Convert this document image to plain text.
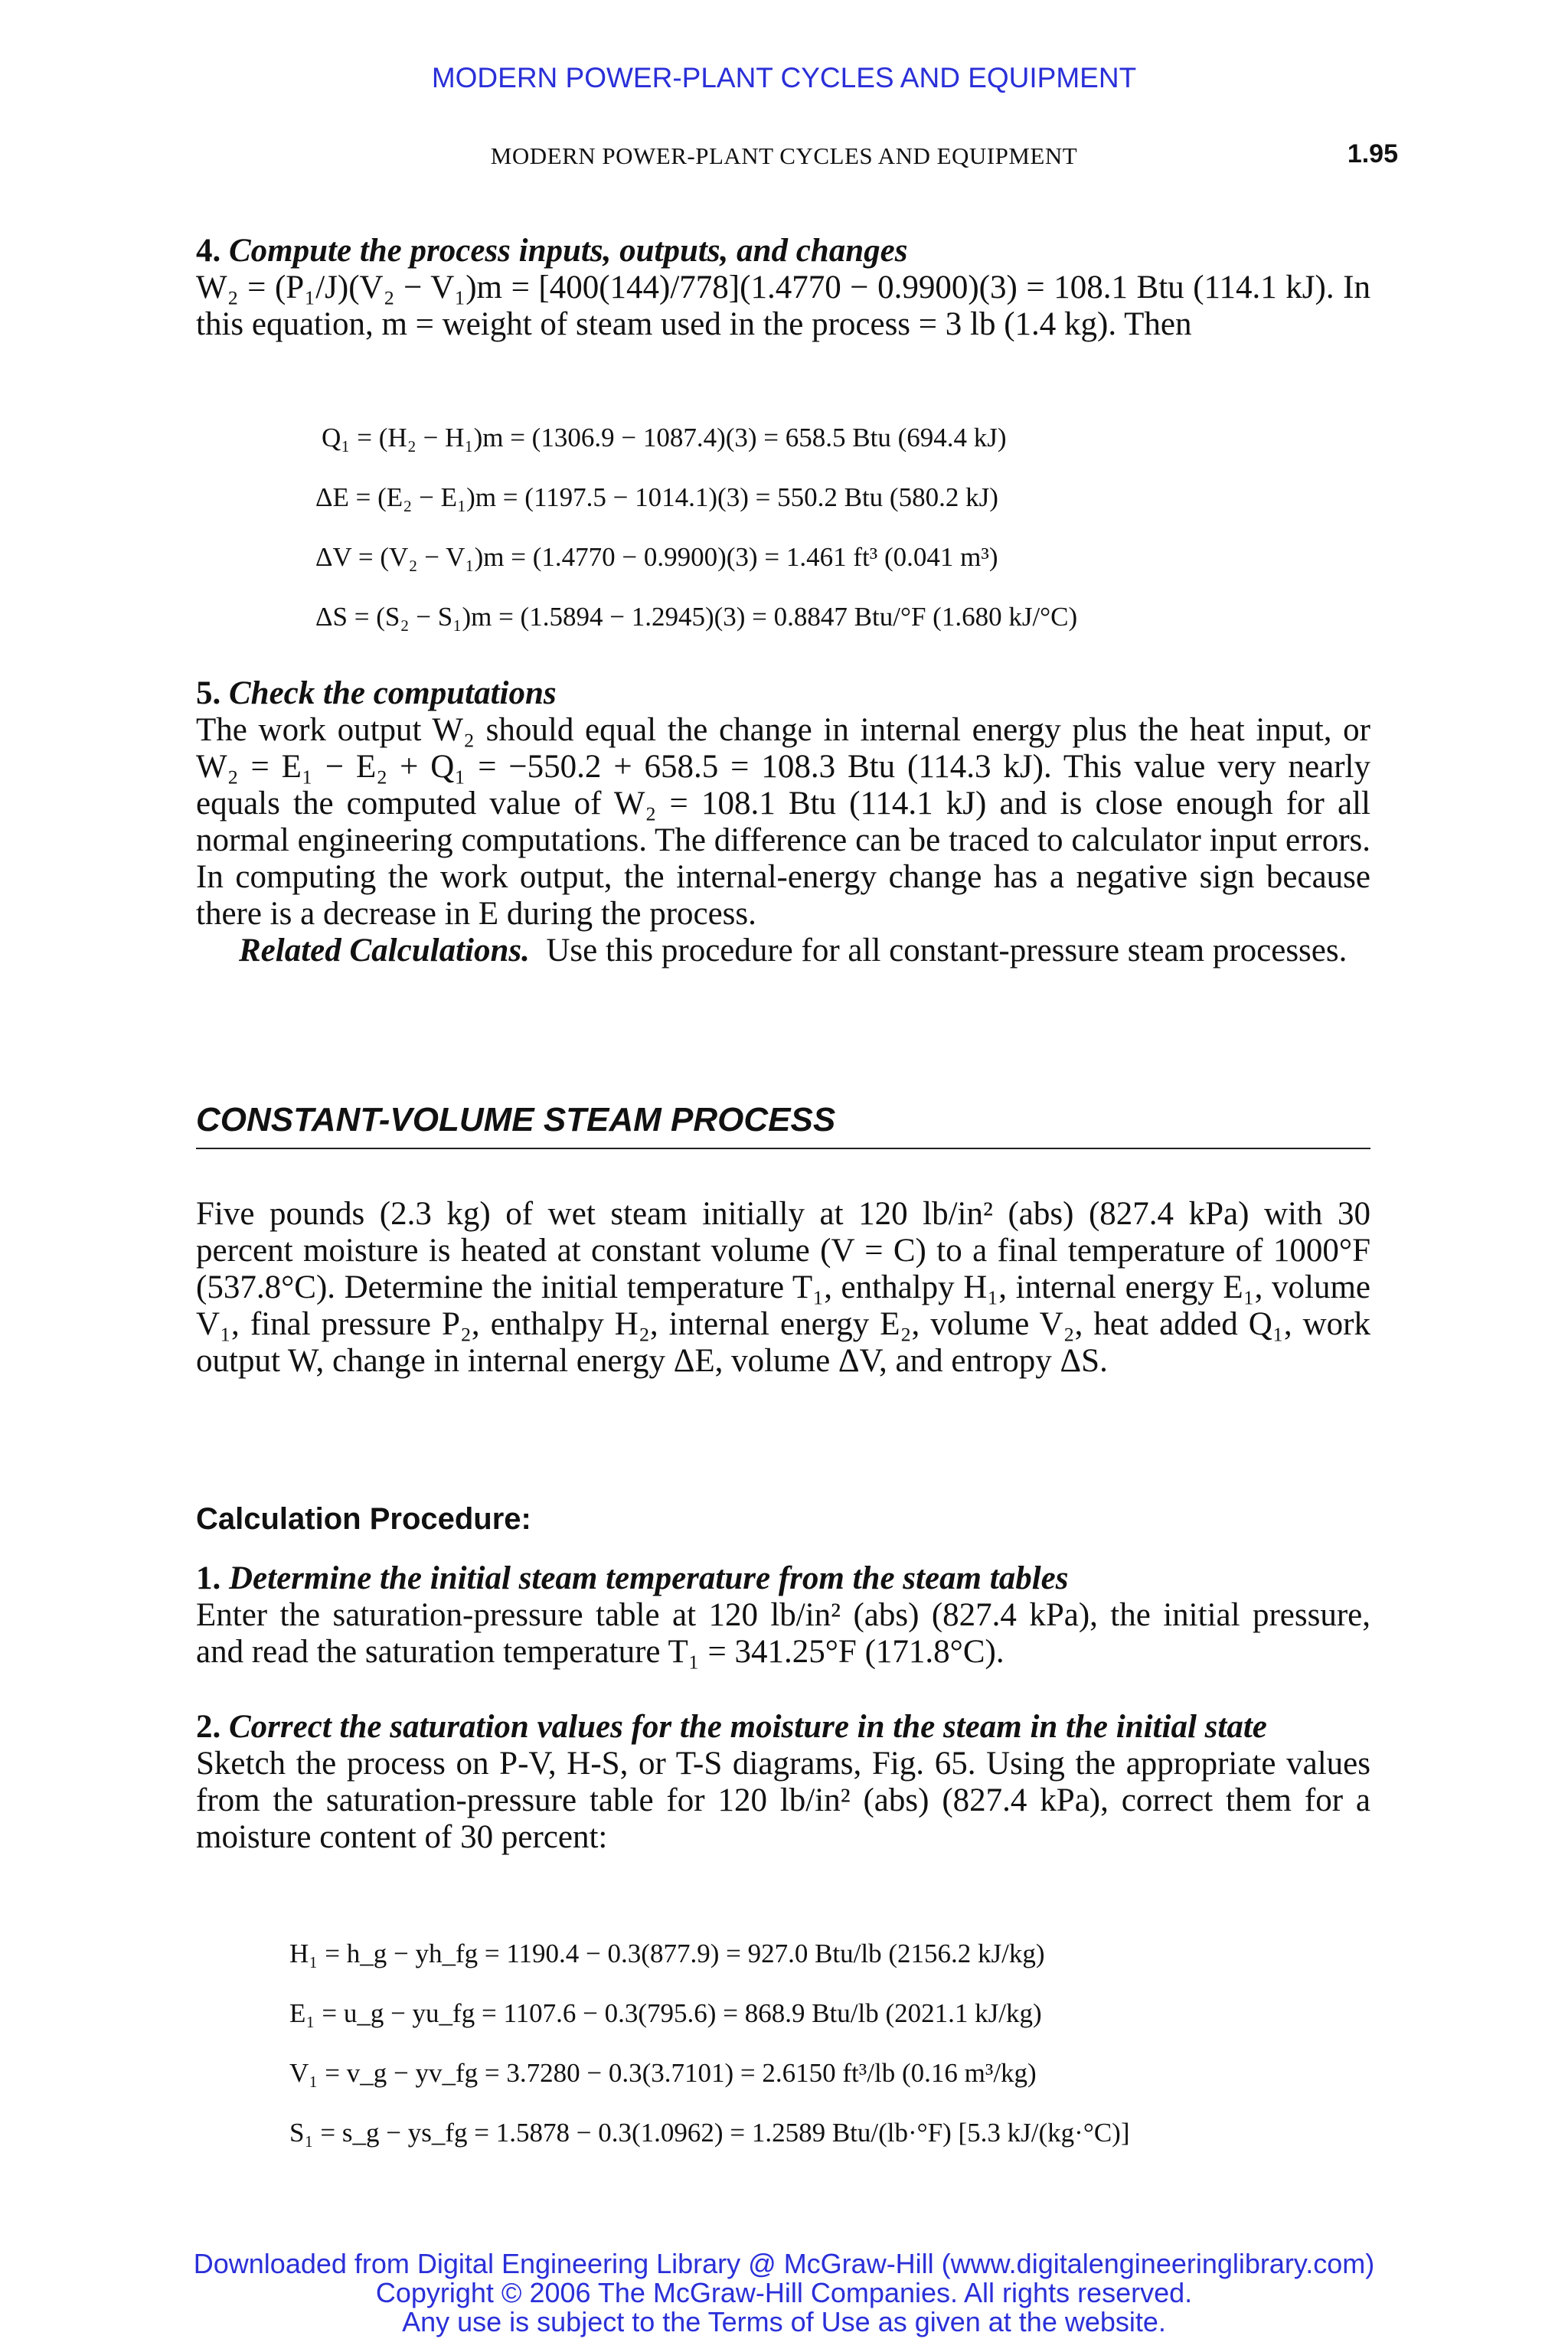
MODERN POWER-PLANT CYCLES AND EQUIPMENT
MODERN POWER-PLANT CYCLES AND EQUIPMENT	1.95
4. Compute the process inputs, outputs, and changes

W₂ = (P₁/J)(V₂ − V₁)m = [400(144)/778](1.4770 − 0.9900)(3) = 108.1 Btu (114.1 kJ). In this equation, m = weight of steam used in the process = 3 lb (1.4 kg). Then

Q₁ = (H₂ − H₁)m = (1306.9 − 1087.4)(3) = 658.5 Btu (694.4 kJ)
ΔE = (E₂ − E₁)m = (1197.5 − 1014.1)(3) = 550.2 Btu (580.2 kJ)
ΔV = (V₂ − V₁)m = (1.4770 − 0.9900)(3) = 1.461 ft³ (0.041 m³)
ΔS = (S₂ − S₁)m = (1.5894 − 1.2945)(3) = 0.8847 Btu/°F (1.680 kJ/°C)
5. Check the computations

The work output W₂ should equal the change in internal energy plus the heat input, or W₂ = E₁ − E₂ + Q₁ = −550.2 + 658.5 = 108.3 Btu (114.3 kJ). This value very nearly equals the computed value of W₂ = 108.1 Btu (114.1 kJ) and is close enough for all normal engineering computations. The difference can be traced to calculator input errors. In computing the work output, the internal-energy change has a negative sign because there is a decrease in E during the process.

Related Calculations. Use this procedure for all constant-pressure steam processes.

CONSTANT-VOLUME STEAM PROCESS

Five pounds (2.3 kg) of wet steam initially at 120 lb/in² (abs) (827.4 kPa) with 30 percent moisture is heated at constant volume (V = C) to a final temperature of 1000°F (537.8°C). Determine the initial temperature T₁, enthalpy H₁, internal energy E₁, volume V₁, final pressure P₂, enthalpy H₂, internal energy E₂, volume V₂, heat added Q₁, work output W, change in internal energy ΔE, volume ΔV, and entropy ΔS.

Calculation Procedure:
1. Determine the initial steam temperature from the steam tables

Enter the saturation-pressure table at 120 lb/in² (abs) (827.4 kPa), the initial pressure, and read the saturation temperature T₁ = 341.25°F (171.8°C).

2. Correct the saturation values for the moisture in the steam in the initial state

Sketch the process on P-V, H-S, or T-S diagrams, Fig. 65. Using the appropriate values from the saturation-pressure table for 120 lb/in² (abs) (827.4 kPa), correct them for a moisture content of 30 percent:

H₁ = h_g − yh_fg = 1190.4 − 0.3(877.9) = 927.0 Btu/lb (2156.2 kJ/kg)
E₁ = u_g − yu_fg = 1107.6 − 0.3(795.6) = 868.9 Btu/lb (2021.1 kJ/kg)
V₁ = v_g − yv_fg = 3.7280 − 0.3(3.7101) = 2.6150 ft³/lb (0.16 m³/kg)
S₁ = s_g − ys_fg = 1.5878 − 0.3(1.0962) = 1.2589 Btu/(lb·°F) [5.3 kJ/(kg·°C)]
Downloaded from Digital Engineering Library @ McGraw-Hill (www.digitalengineeringlibrary.com)
Copyright © 2006 The McGraw-Hill Companies. All rights reserved.
Any use is subject to the Terms of Use as given at the website.
